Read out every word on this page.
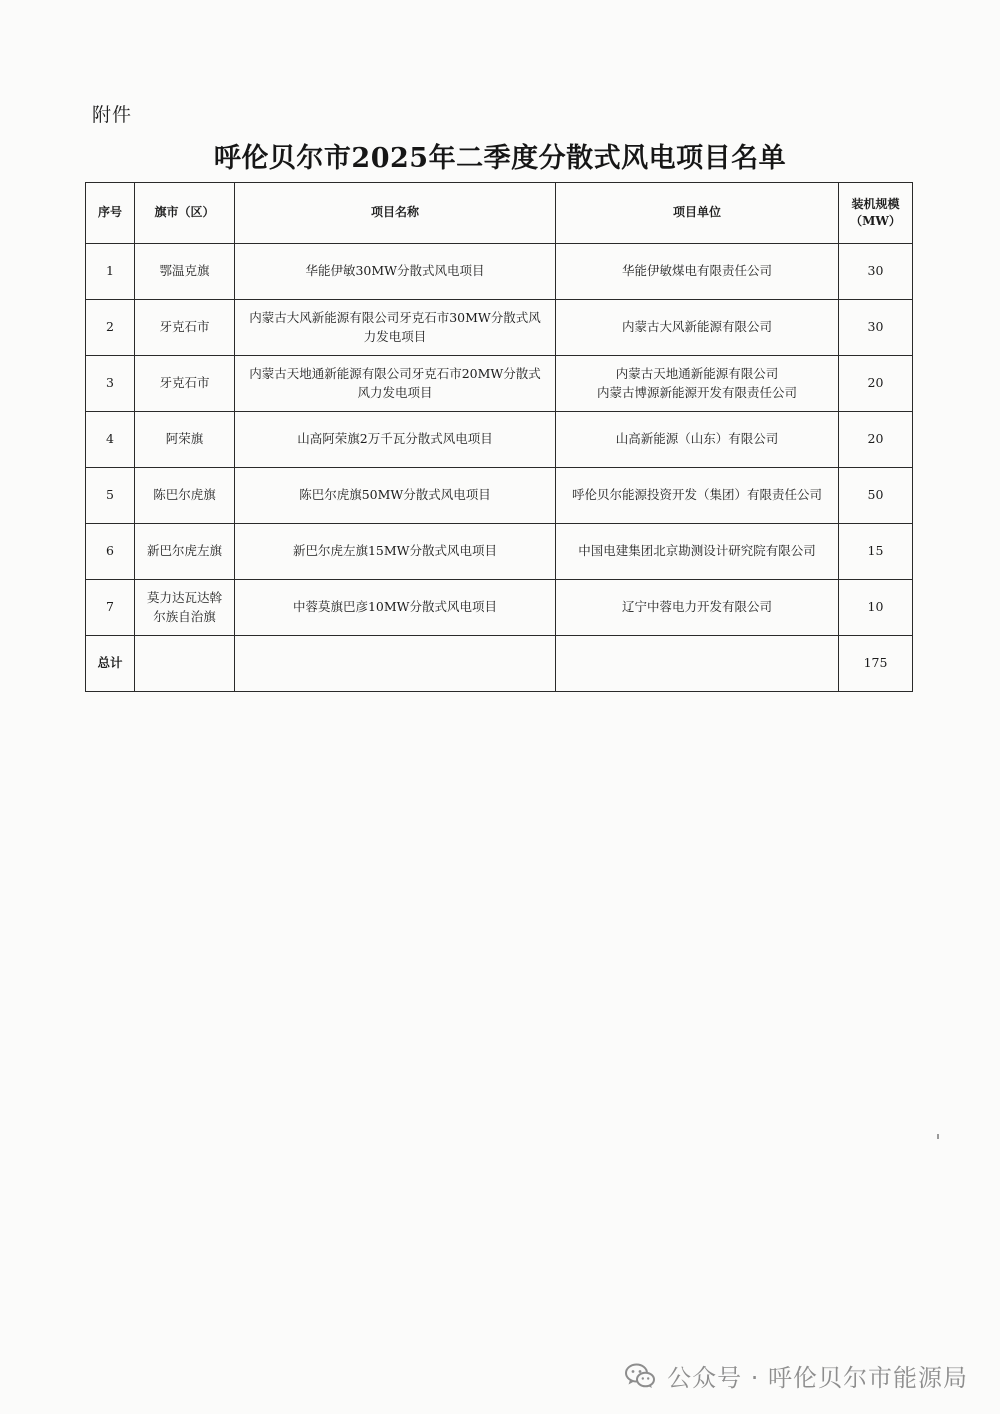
附件
呼伦贝尔市2025年二季度分散式风电项目名单
序号	旗市（区）	项目名称	项目单位	装机规模
（MW）

1	鄂温克旗	华能伊敏30MW分散式风电项目	华能伊敏煤电有限责任公司	30
2	牙克石市	内蒙古大风新能源有限公司牙克石市30MW分散式风
力发电项目	内蒙古大风新能源有限公司	30
3	牙克石市	内蒙古天地通新能源有限公司牙克石市20MW分散式
风力发电项目	内蒙古天地通新能源有限公司
内蒙古博源新能源开发有限责任公司	20
4	阿荣旗	山高阿荣旗2万千瓦分散式风电项目	山高新能源（山东）有限公司	20
5	陈巴尔虎旗	陈巴尔虎旗50MW分散式风电项目	呼伦贝尔能源投资开发（集团）有限责任公司	50
6	新巴尔虎左旗	新巴尔虎左旗15MW分散式风电项目	中国电建集团北京勘测设计研究院有限公司	15
7	莫力达瓦达斡
尔族自治旗	中蓉莫旗巴彦10MW分散式风电项目	辽宁中蓉电力开发有限公司	10
总计				175
公众号 · 呼伦贝尔市能源局
